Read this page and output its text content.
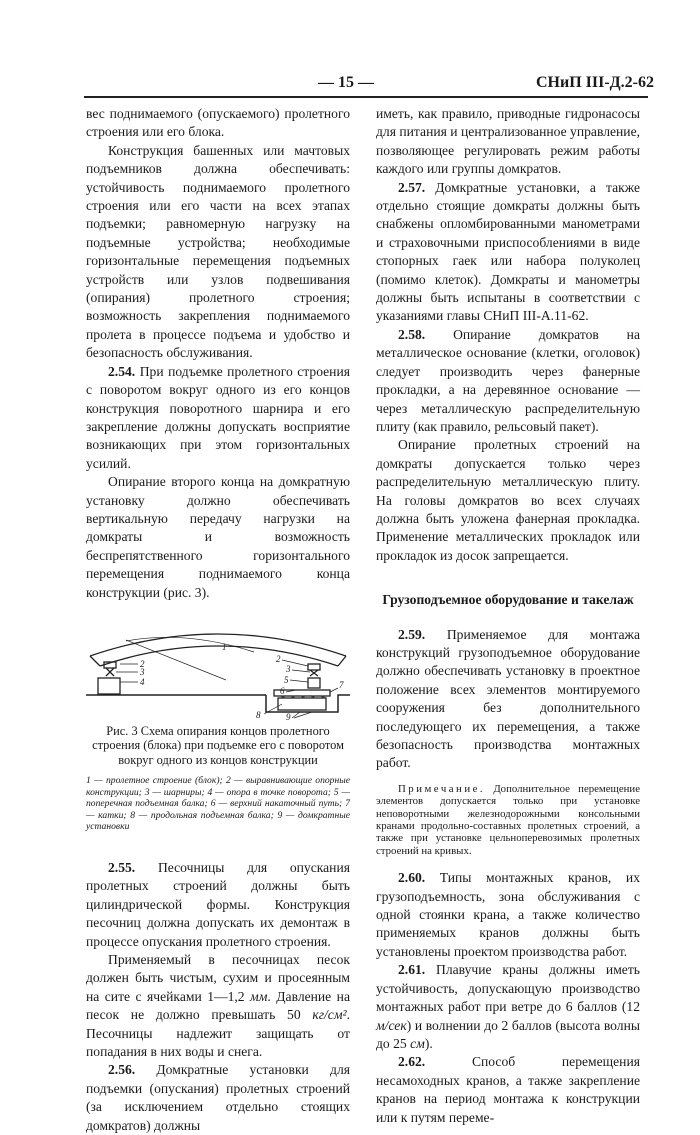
— 15 —	СНиП III-Д.2-62

вес поднимаемого (опускаемого) пролетного строения или его блока.

Конструкция башенных или мачтовых подъемников должна обеспечивать: устойчивость поднимаемого пролетного строения или его части на всех этапах подъемки; равномерную нагрузку на подъемные устройства; необходимые горизонтальные перемещения подъемных устройств или узлов подвешивания (опирания) пролетного строения; возможность закрепления поднимаемого пролета в процессе подъема и удобство и безопасность обслуживания.

2.54. При подъемке пролетного строения с поворотом вокруг одного из его концов конструкция поворотного шарнира и его закрепление должны допускать восприятие возникающих при этом горизонтальных усилий.

Опирание второго конца на домкратную установку должно обеспечивать вертикальную передачу нагрузки на домкраты и возможность беспрепятственного горизонтального перемещения поднимаемого конца конструкции (рис. 3).

1
2
3
4
2
3
5
6
7
8	9
Рис. 3 Схема опирания концов пролетного строения (блока) при подъемке его с поворотом вокруг одного из концов конструкции
1 — пролетное строение (блок); 2 — выравнивающие опорные конструкции; 3 — шарниры; 4 — опора в точке поворота; 5 — поперечная подъемная балка; 6 — верхний накаточный путь; 7 — катки; 8 — продольная подъемная балка; 9 — домкратные установки

2.55. Песочницы для опускания пролетных строений должны быть цилиндрической формы. Конструкция песочниц должна допускать их демонтаж в процессе опускания пролетного строения.

Применяемый в песочницах песок должен быть чистым, сухим и просеянным на сите с ячейками 1—1,2 мм. Давление на песок не должно превышать 50 кг/см². Песочницы надлежит защищать от попадания в них воды и снега.

2.56. Домкратные установки для подъемки (опускания) пролетных строений (за исключением отдельно стоящих домкратов) должны

иметь, как правило, приводные гидронасосы для питания и централизованное управление, позволяющее регулировать режим работы каждого или группы домкратов.

2.57. Домкратные установки, а также отдельно стоящие домкраты должны быть снабжены опломбированными манометрами и страховочными приспособлениями в виде стопорных гаек или набора полуколец (помимо клеток). Домкраты и манометры должны быть испытаны в соответствии с указаниями главы СНиП III-А.11-62.

2.58. Опирание домкратов на металлическое основание (клетки, оголовок) следует производить через фанерные прокладки, а на деревянное основание — через металлическую распределительную плиту (как правило, рельсовый пакет).

Опирание пролетных строений на домкраты допускается только через распределительную металлическую плиту. На головы домкратов во всех случаях должна быть уложена фанерная прокладка. Применение металлических прокладок или прокладок из досок запрещается.

Грузоподъемное оборудование и такелаж

2.59. Применяемое для монтажа конструкций грузоподъемное оборудование должно обеспечивать установку в проектное положение всех элементов монтируемого сооружения без дополнительного последующего их перемещения, а также безопасность производства монтажных работ.

Примечание. Дополнительное перемещение элементов допускается только при установке неповоротными железнодорожными консольными кранами продольно-составных пролетных строений, а также при установке цельноперевозимых пролетных строений на кривых.

2.60. Типы монтажных кранов, их грузоподъемность, зона обслуживания с одной стоянки крана, а также количество применяемых кранов должны быть установлены проектом производства работ.

2.61. Плавучие краны должны иметь устойчивость, допускающую производство монтажных работ при ветре до 6 баллов (12 м/сек) и волнении до 2 баллов (высота волны до 25 см).

2.62.	Способ перемещения несамоходных кранов, а также закрепление кранов на период монтажа к конструкции или к путям переме-
